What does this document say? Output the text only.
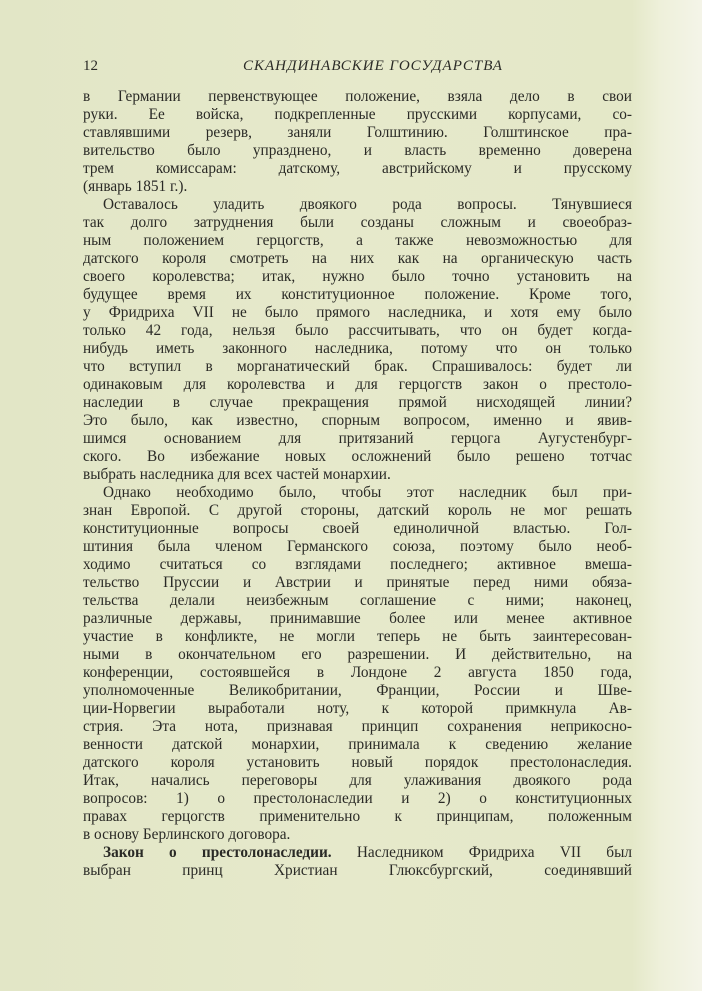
12	СКАНДИНАВСКИЕ ГОСУДАРСТВА
в Германии первенствующее положение, взяла дело в свои
руки. Ее войска, подкрепленные прусскими корпусами, со-
ставлявшими резерв, заняли Голштинию. Голштинское пра-
вительство было упразднено, и власть временно доверена
трем комиссарам: датскому, австрийскому и прусскому
(январь 1851 г.).
Оставалось уладить двоякого рода вопросы. Тянувшиеся
так долго затруднения были созданы сложным и своеобраз-
ным положением герцогств, а также невозможностью для
датского короля смотреть на них как на органическую часть
своего королевства; итак, нужно было точно установить на
будущее время их конституционное положение. Кроме того,
у Фридриха VII не было прямого наследника, и хотя ему было
только 42 года, нельзя было рассчитывать, что он будет когда-
нибудь иметь законного наследника, потому что он только
что вступил в морганатический брак. Спрашивалось: будет ли
одинаковым для королевства и для герцогств закон о престоло-
наследии в случае прекращения прямой нисходящей линии?
Это было, как известно, спорным вопросом, именно и явив-
шимся основанием для притязаний герцога Аугустенбург-
ского. Во избежание новых осложнений было решено тотчас
выбрать наследника для всех частей монархии.
Однако необходимо было, чтобы этот наследник был при-
знан Европой. С другой стороны, датский король не мог решать
конституционные вопросы своей единоличной властью. Гол-
штиния была членом Германского союза, поэтому было необ-
ходимо считаться со взглядами последнего; активное вмеша-
тельство Пруссии и Австрии и принятые перед ними обяза-
тельства делали неизбежным соглашение с ними; наконец,
различные державы, принимавшие более или менее активное
участие в конфликте, не могли теперь не быть заинтересован-
ными в окончательном его разрешении. И действительно, на
конференции, состоявшейся в Лондоне 2 августа 1850 года,
уполномоченные Великобритании, Франции, России и Шве-
ции-Норвегии выработали ноту, к которой примкнула Ав-
стрия. Эта нота, признавая принцип сохранения неприкосно-
венности датской монархии, принимала к сведению желание
датского короля установить новый порядок престолонаследия.
Итак, начались переговоры для улаживания двоякого рода
вопросов: 1) о престолонаследии и 2) о конституционных
правах герцогств применительно к принципам, положенным
в основу Берлинского договора.
Закон о престолонаследии. Наследником Фридриха VII был
выбран принц Христиан Глюксбургский, соединявший
